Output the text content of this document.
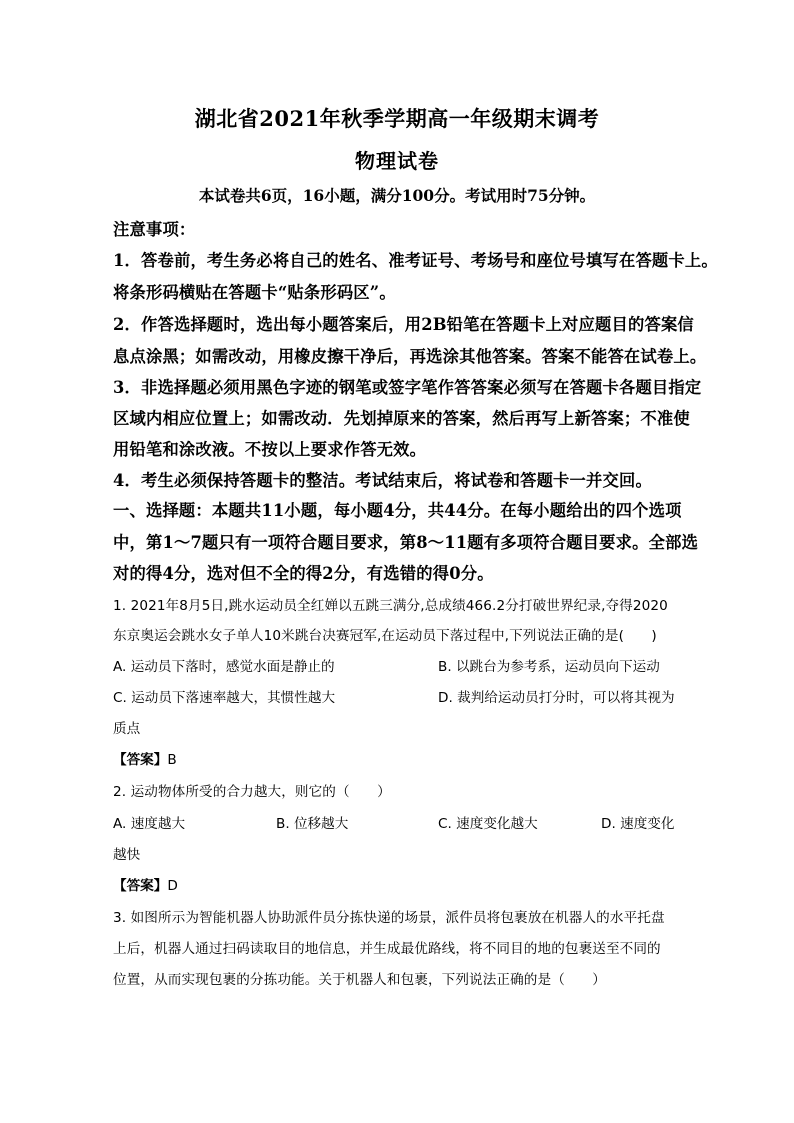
湖北省2021年秋季学期高一年级期末调考
物理试卷
本试卷共6页，16小题，满分100分。考试用时75分钟。
注意事项：
1．答卷前，考生务必将自己的姓名、准考证号、考场号和座位号填写在答题卡上。
将条形码横贴在答题卡“贴条形码区”。
2．作答选择题时，选出每小题答案后，用2B铅笔在答题卡上对应题目的答案信
息点涂黑；如需改动，用橡皮擦干净后，再选涂其他答案。答案不能答在试卷上。
3．非选择题必须用黑色字迹的钢笔或签字笔作答答案必须写在答题卡各题目指定
区域内相应位置上；如需改动．先划掉原来的答案，然后再写上新答案；不准使
用铅笔和涂改液。不按以上要求作答无效。
4．考生必须保持答题卡的整洁。考试结束后，将试卷和答题卡一并交回。
一、选择题：本题共11小题，每小题4分，共44分。在每小题给出的四个选项
中，第1～7题只有一项符合题目要求，第8～11题有多项符合题目要求。全部选
对的得4分，选对但不全的得2分，有选错的得0分。
1. 2021年8月5日,跳水运动员全红婵以五跳三满分,总成绩466.2分打破世界纪录,夺得2020
东京奥运会跳水女子单人10米跳台决赛冠军,在运动员下落过程中,下列说法正确的是(　　)
A. 运动员下落时，感觉水面是静止的	B. 以跳台为参考系，运动员向下运动
C. 运动员下落速率越大，其惯性越大	D. 裁判给运动员打分时，可以将其视为
质点
【答案】B
2. 运动物体所受的合力越大，则它的（　　）
A. 速度越大	B. 位移越大	C. 速度变化越大	D. 速度变化
越快
【答案】D
3. 如图所示为智能机器人协助派件员分拣快递的场景，派件员将包裹放在机器人的水平托盘
上后，机器人通过扫码读取目的地信息，并生成最优路线，将不同目的地的包裹送至不同的
位置，从而实现包裹的分拣功能。关于机器人和包裹，下列说法正确的是（　　）
